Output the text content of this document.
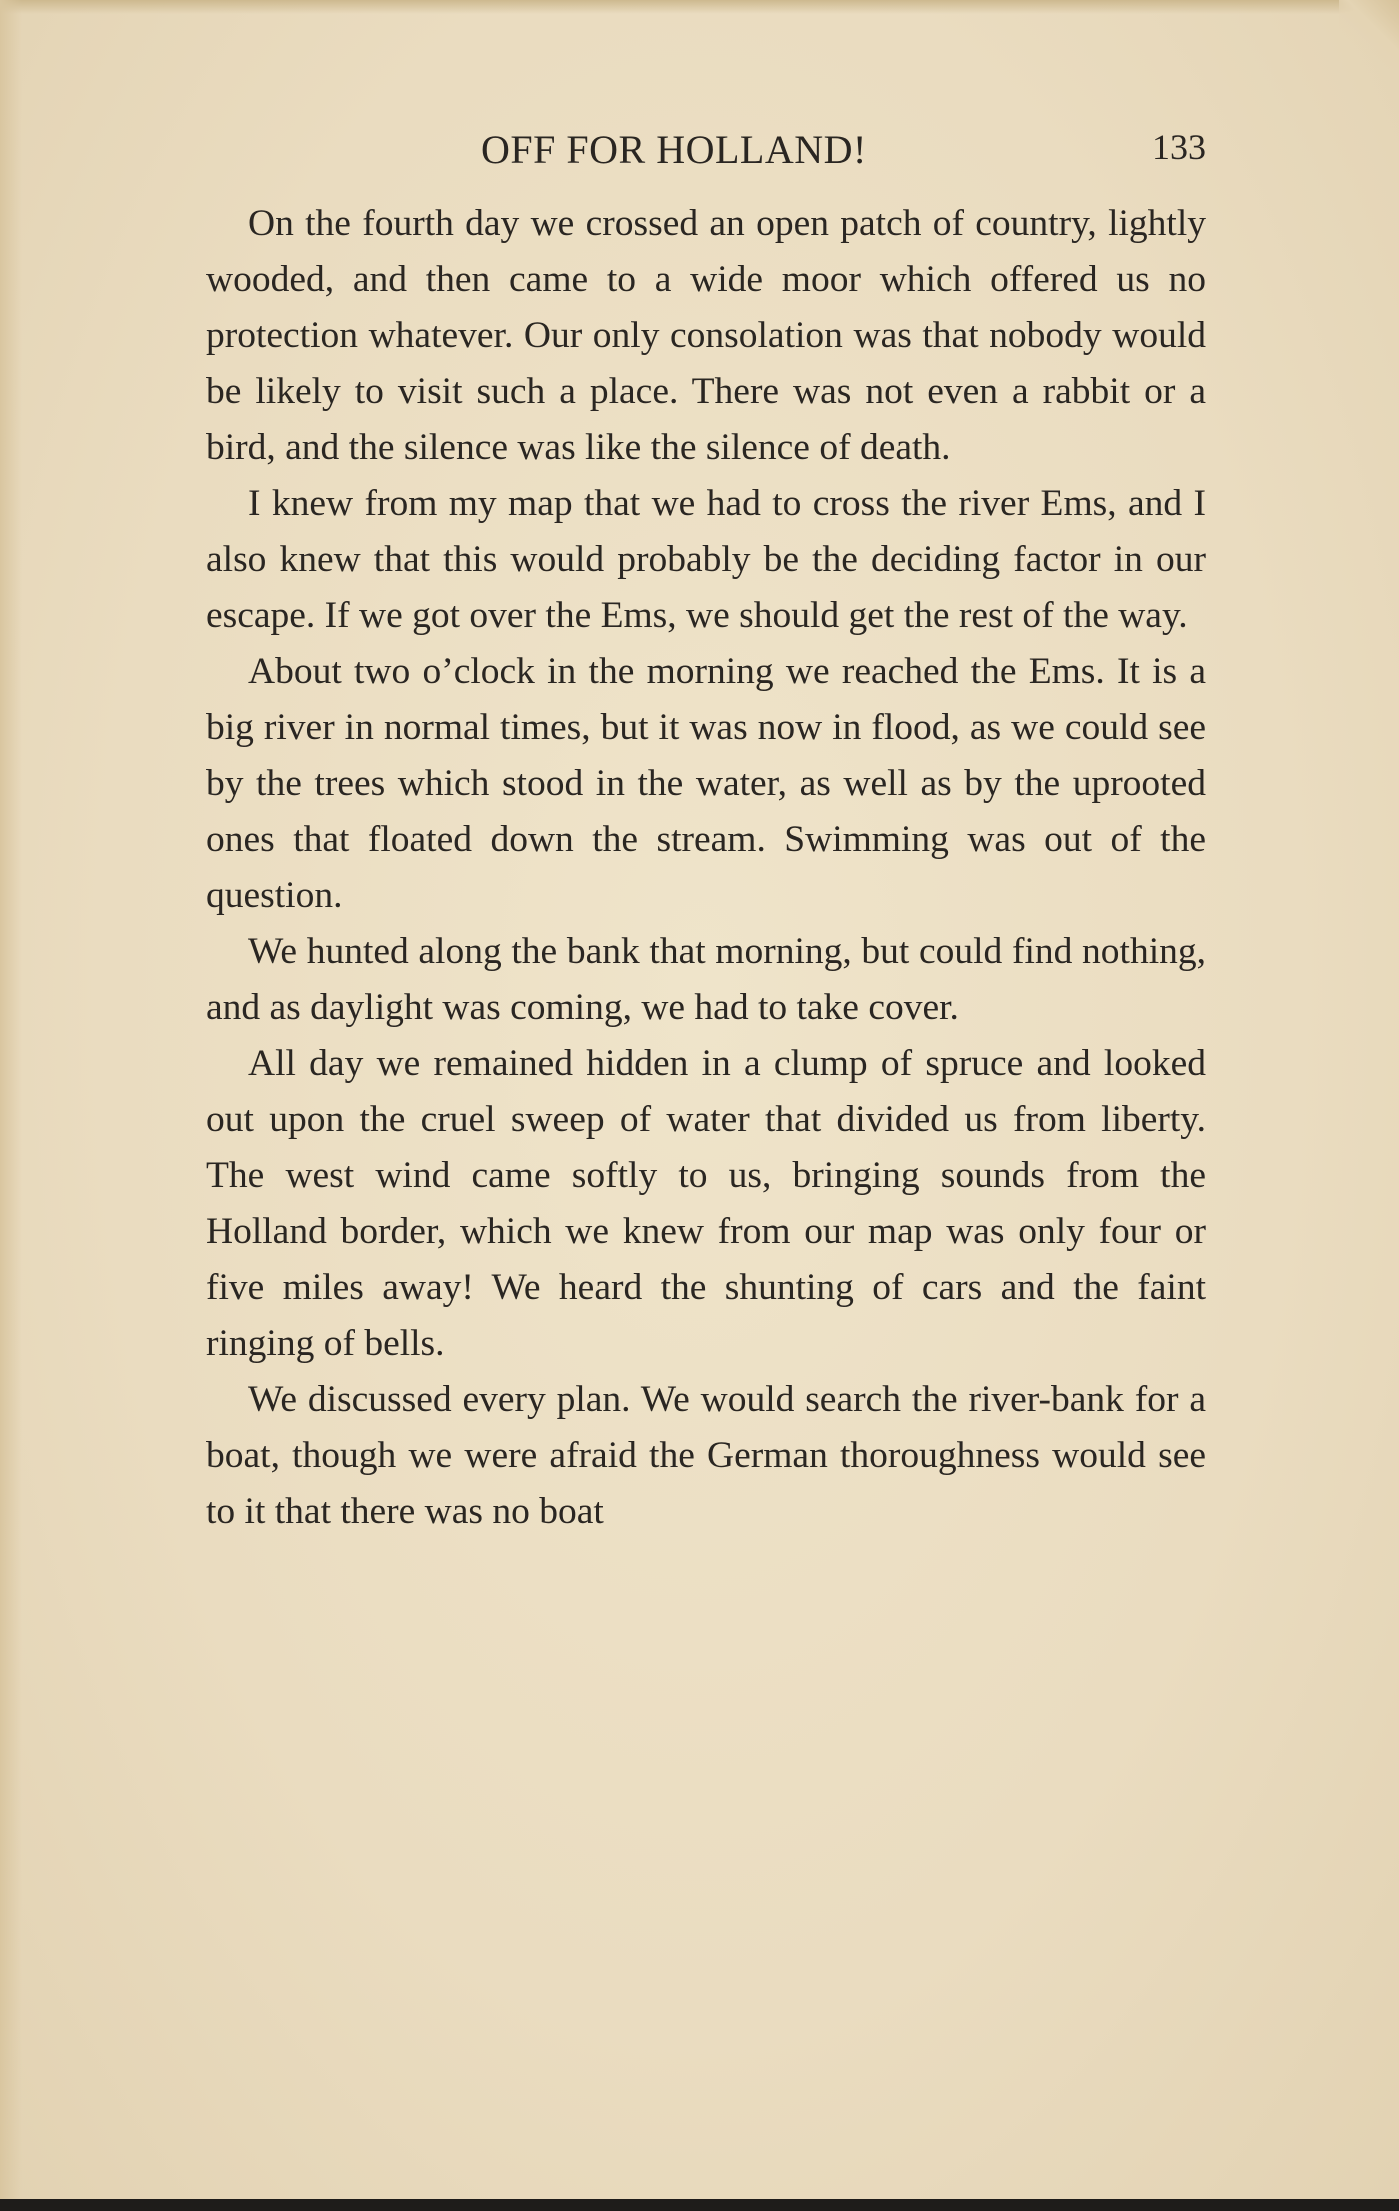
OFF FOR HOLLAND!	133

On the fourth day we crossed an open patch of country, lightly wooded, and then came to a wide moor which offered us no protection whatever. Our only consolation was that nobody would be likely to visit such a place. There was not even a rabbit or a bird, and the silence was like the silence of death.

I knew from my map that we had to cross the river Ems, and I also knew that this would probably be the deciding factor in our escape. If we got over the Ems, we should get the rest of the way.

About two o’clock in the morning we reached the Ems. It is a big river in normal times, but it was now in flood, as we could see by the trees which stood in the water, as well as by the uprooted ones that floated down the stream. Swimming was out of the question.

We hunted along the bank that morning, but could find nothing, and as daylight was coming, we had to take cover.

All day we remained hidden in a clump of spruce and looked out upon the cruel sweep of water that divided us from liberty. The west wind came softly to us, bringing sounds from the Holland border, which we knew from our map was only four or five miles away! We heard the shunting of cars and the faint ringing of bells.

We discussed every plan. We would search the river-bank for a boat, though we were afraid the German thoroughness would see to it that there was no boat
